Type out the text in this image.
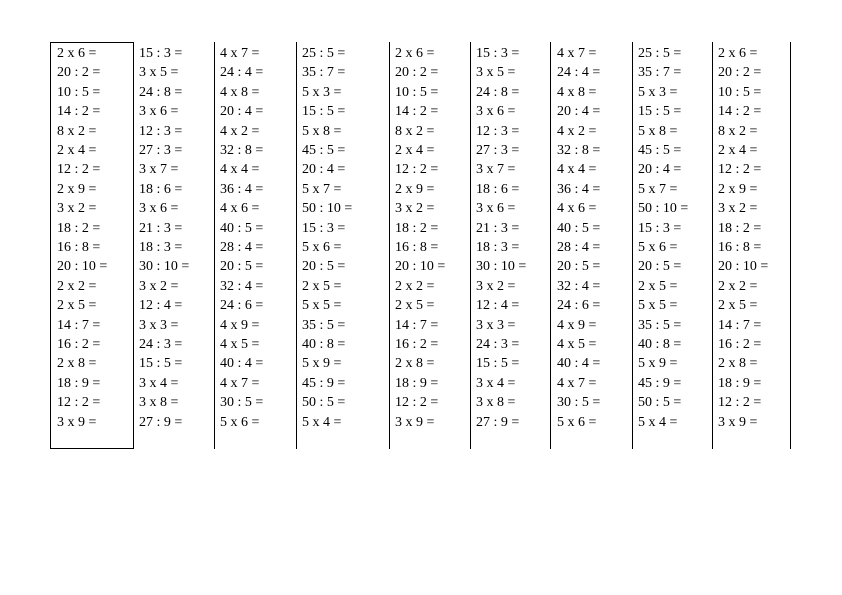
2 x 6 =
20 : 2 =
10 : 5 =
14 : 2 =
8 x 2 =
2 x 4 =
12 : 2 =
2 x 9 =
3 x 2 =
18 : 2 =
16 : 8 =
20 : 10 =
2 x 2 =
2 x 5 =
14 : 7 =
16 : 2 =
2 x 8 =
18 : 9 =
12 : 2 =
3 x 9 =
15 : 3 =
3 x 5 =
24 : 8 =
3 x 6 =
12 : 3 =
27 : 3 =
3 x 7 =
18 : 6 =
3 x 6 =
21 : 3 =
18 : 3 =
30 : 10 =
3 x 2 =
12 : 4 =
3 x 3 =
24 : 3 =
15 : 5 =
3 x 4 =
3 x 8 =
27 : 9 =
4 x 7 =
24 : 4 =
4 x 8 =
20 : 4 =
4 x 2 =
32 : 8 =
4 x 4 =
36 : 4 =
4 x 6 =
40 : 5 =
28 : 4 =
20 : 5 =
32 : 4 =
24 : 6 =
4 x 9 =
4 x 5 =
40 : 4 =
4 x 7 =
30 : 5 =
5 x 6 =
25 : 5 =
35 : 7 =
5 x 3 =
15 : 5 =
5 x 8 =
45 : 5 =
20 : 4 =
5 x 7 =
50 : 10 =
15 : 3 =
5 x 6 =
20 : 5 =
2 x 5 =
5 x 5 =
35 : 5 =
40 : 8 =
5 x 9 =
45 : 9 =
50 : 5 =
5 x 4 =
2 x 6 =
20 : 2 =
10 : 5 =
14 : 2 =
8 x 2 =
2 x 4 =
12 : 2 =
2 x 9 =
3 x 2 =
18 : 2 =
16 : 8 =
20 : 10 =
2 x 2 =
2 x 5 =
14 : 7 =
16 : 2 =
2 x 8 =
18 : 9 =
12 : 2 =
3 x 9 =
15 : 3 =
3 x 5 =
24 : 8 =
3 x 6 =
12 : 3 =
27 : 3 =
3 x 7 =
18 : 6 =
3 x 6 =
21 : 3 =
18 : 3 =
30 : 10 =
3 x 2 =
12 : 4 =
3 x 3 =
24 : 3 =
15 : 5 =
3 x 4 =
3 x 8 =
27 : 9 =
4 x 7 =
24 : 4 =
4 x 8 =
20 : 4 =
4 x 2 =
32 : 8 =
4 x 4 =
36 : 4 =
4 x 6 =
40 : 5 =
28 : 4 =
20 : 5 =
32 : 4 =
24 : 6 =
4 x 9 =
4 x 5 =
40 : 4 =
4 x 7 =
30 : 5 =
5 x 6 =
25 : 5 =
35 : 7 =
5 x 3 =
15 : 5 =
5 x 8 =
45 : 5 =
20 : 4 =
5 x 7 =
50 : 10 =
15 : 3 =
5 x 6 =
20 : 5 =
2 x 5 =
5 x 5 =
35 : 5 =
40 : 8 =
5 x 9 =
45 : 9 =
50 : 5 =
5 x 4 =
2 x 6 =
20 : 2 =
10 : 5 =
14 : 2 =
8 x 2 =
2 x 4 =
12 : 2 =
2 x 9 =
3 x 2 =
18 : 2 =
16 : 8 =
20 : 10 =
2 x 2 =
2 x 5 =
14 : 7 =
16 : 2 =
2 x 8 =
18 : 9 =
12 : 2 =
3 x 9 =
